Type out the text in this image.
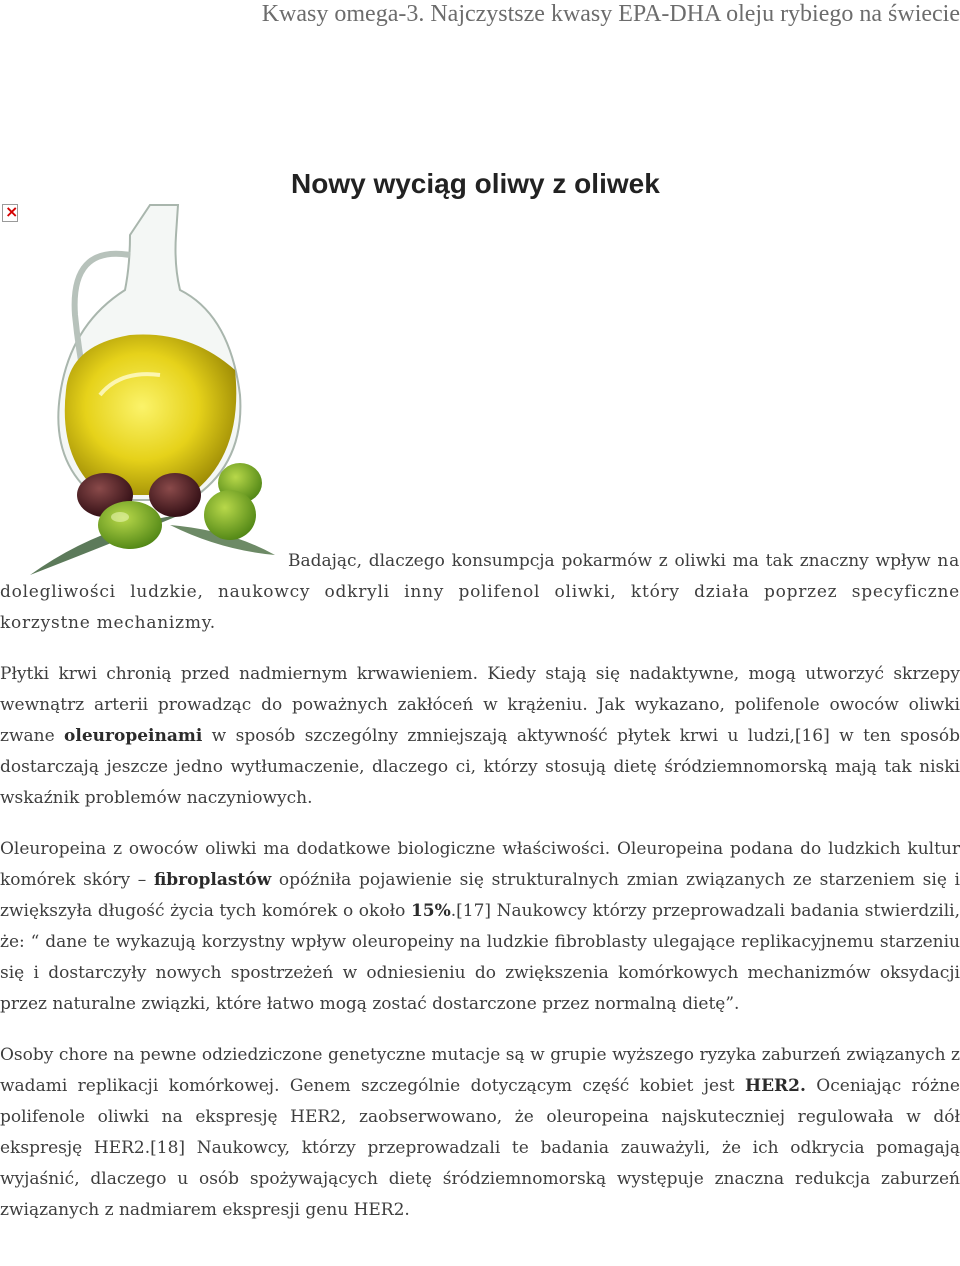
Kwasy omega-3. Najczystsze kwasy EPA-DHA oleju rybiego na świecie
Nowy wyciąg oliwy z oliwek
×

Badając, dlaczego konsumpcja pokarmów z oliwki ma tak znaczny wpływ na dolegliwości ludzkie, naukowcy odkryli inny polifenol oliwki, który działa poprzez specyficzne korzystne mechanizmy.

Płytki krwi chronią przed nadmiernym krwawieniem. Kiedy stają się nadaktywne, mogą utworzyć skrzepy wewnątrz arterii prowadząc do poważnych zakłóceń w krążeniu. Jak wykazano, polifenole owoców oliwki zwane oleuropeinami w sposób szczególny zmniejszają aktywność płytek krwi u ludzi,[16] w ten sposób dostarczają jeszcze jedno wytłumaczenie, dlaczego ci, którzy stosują dietę śródziemnomorską mają tak niski wskaźnik problemów naczyniowych.

Oleuropeina z owoców oliwki ma dodatkowe biologiczne właściwości. Oleuropeina podana do ludzkich kultur komórek skóry – fibroplastów opóźniła pojawienie się strukturalnych zmian związanych ze starzeniem się i zwiększyła długość życia tych komórek o około 15%.[17] Naukowcy którzy przeprowadzali badania stwierdzili, że: “ dane te wykazują korzystny wpływ oleuropeiny na ludzkie fibroblasty ulegające replikacyjnemu starzeniu się i dostarczyły nowych spostrzeżeń w odniesieniu do zwiększenia komórkowych mechanizmów oksydacji przez naturalne związki, które łatwo mogą zostać dostarczone przez normalną dietę”.

Osoby chore na pewne odziedziczone genetyczne mutacje są w grupie wyższego ryzyka zaburzeń związanych z wadami replikacji komórkowej. Genem szczególnie dotyczącym część kobiet jest HER2. Oceniając różne polifenole oliwki na ekspresję HER2, zaobserwowano, że oleuropeina najskuteczniej regulowała w dół ekspresję HER2.[18] Naukowcy, którzy przeprowadzali te badania zauważyli, że ich odkrycia pomagają wyjaśnić, dlaczego u osób spożywających dietę śródziemnomorską występuje znaczna redukcja zaburzeń związanych z nadmiarem ekspresji genu HER2.
